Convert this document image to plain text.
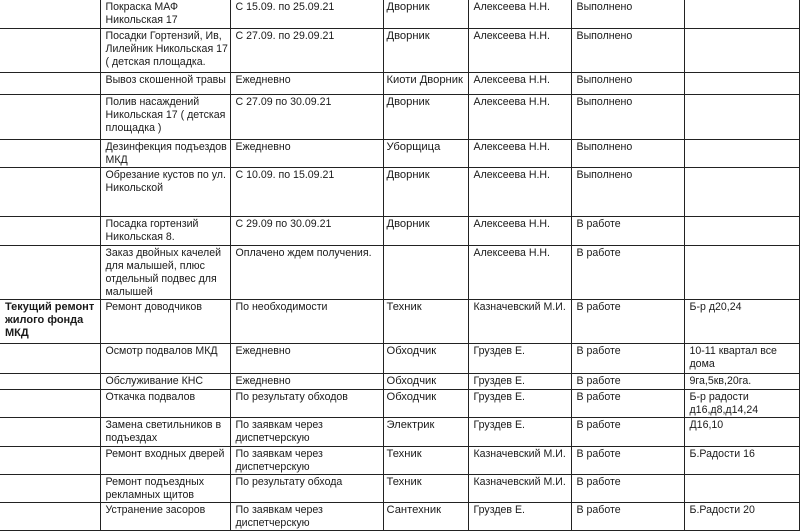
	Покраска МАФ Никольская 17	С 15.09. по 25.09.21	Дворник	Алексеева Н.Н.	Выполнено	
	Посадки Гортензий, Ив, Лилейник Никольская 17 ( детская площадка.	С 27.09. по 29.09.21	Дворник	Алексеева Н.Н.	Выполнено	
	Вывоз скошенной травы	Ежедневно	Киоти Дворник	Алексеева Н.Н.	Выполнено	
	Полив насаждений Никольская 17 ( детская площадка )	С 27.09 по 30.09.21	Дворник	Алексеева Н.Н.	Выполнено	
	Дезинфекция подъездов МКД	Ежедневно	Уборщица	Алексеева Н.Н.	Выполнено	
	Обрезание кустов по ул. Никольской	С 10.09. по 15.09.21	Дворник	Алексеева Н.Н.	Выполнено	
	Посадка гортензий Никольская 8.	С 29.09 по 30.09.21	Дворник	Алексеева Н.Н.	В работе	
	Заказ двойных качелей для малышей, плюс отдельный подвес для малышей	Оплачено ждем получения.		Алексеева Н.Н.	В работе	
Текущий ремонт жилого фонда МКД	Ремонт доводчиков	По необходимости	Техник	Казначевский М.И.	В работе	Б-р д20,24
	Осмотр подвалов МКД	Ежедневно	Обходчик	Груздев Е.	В работе	10-11 квартал все дома
	Обслуживание КНС	Ежедневно	Обходчик	Груздев Е.	В работе	9га,5кв,20га.
	Откачка подвалов	По результату обходов	Обходчик	Груздев Е.	В работе	Б-р радости д16,д8,д14,24
	Замена светильников в подъездах	По заявкам через диспетчерскую	Электрик	Груздев Е.	В работе	Д16,10
	Ремонт входных дверей	По заявкам через диспетчерскую	Техник	Казначевский М.И.	В работе	Б.Радости 16
	Ремонт подъездных рекламных щитов	По результату обхода	Техник	Казначевский М.И.	В работе	
	Устранение засоров	По заявкам через диспетчерскую	Сантехник	Груздев Е.	В работе	Б.Радости 20
